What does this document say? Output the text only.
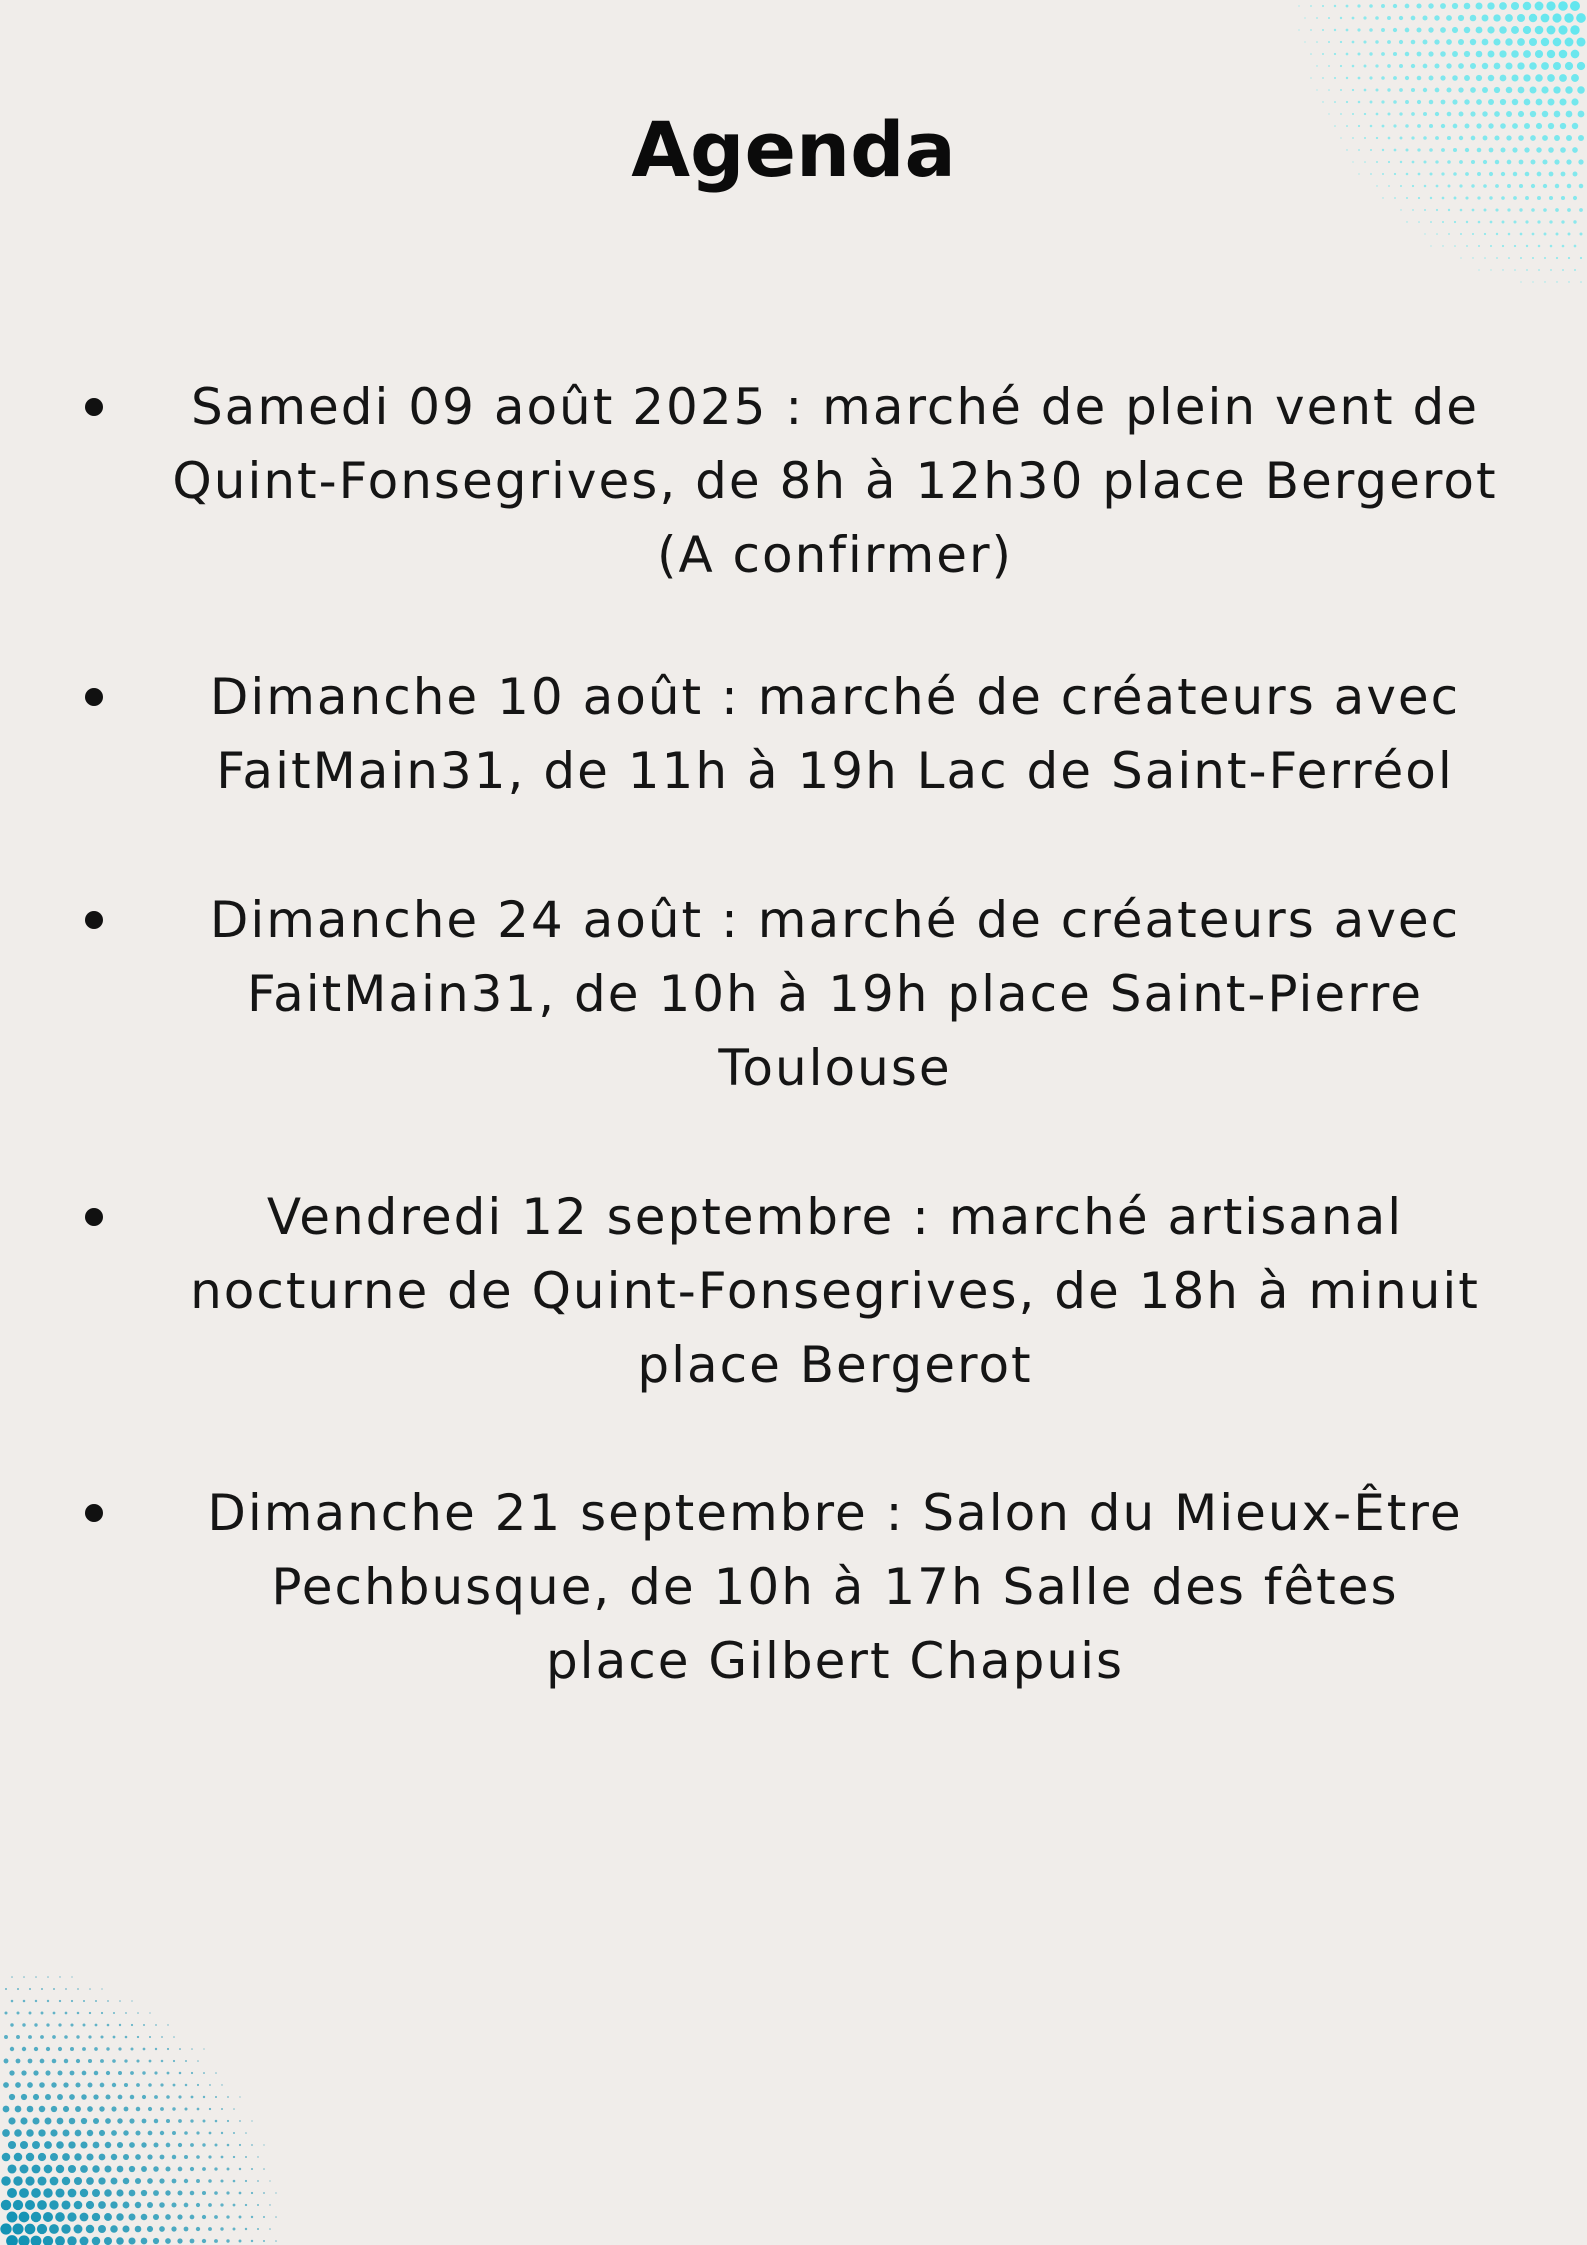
Agenda
Samedi 09 août 2025 : marché de plein vent de
Quint-Fonsegrives, de 8h à 12h30 place Bergerot
(A confirmer)
Dimanche 10 août : marché de créateurs avec
FaitMain31, de 11h à 19h Lac de Saint-Ferréol
Dimanche 24 août : marché de créateurs avec
FaitMain31, de 10h à 19h place Saint-Pierre
Toulouse
Vendredi 12 septembre : marché artisanal
nocturne de Quint-Fonsegrives, de 18h à minuit
place Bergerot
Dimanche 21 septembre : Salon du Mieux-Être
Pechbusque, de 10h à 17h Salle des fêtes
place Gilbert Chapuis
